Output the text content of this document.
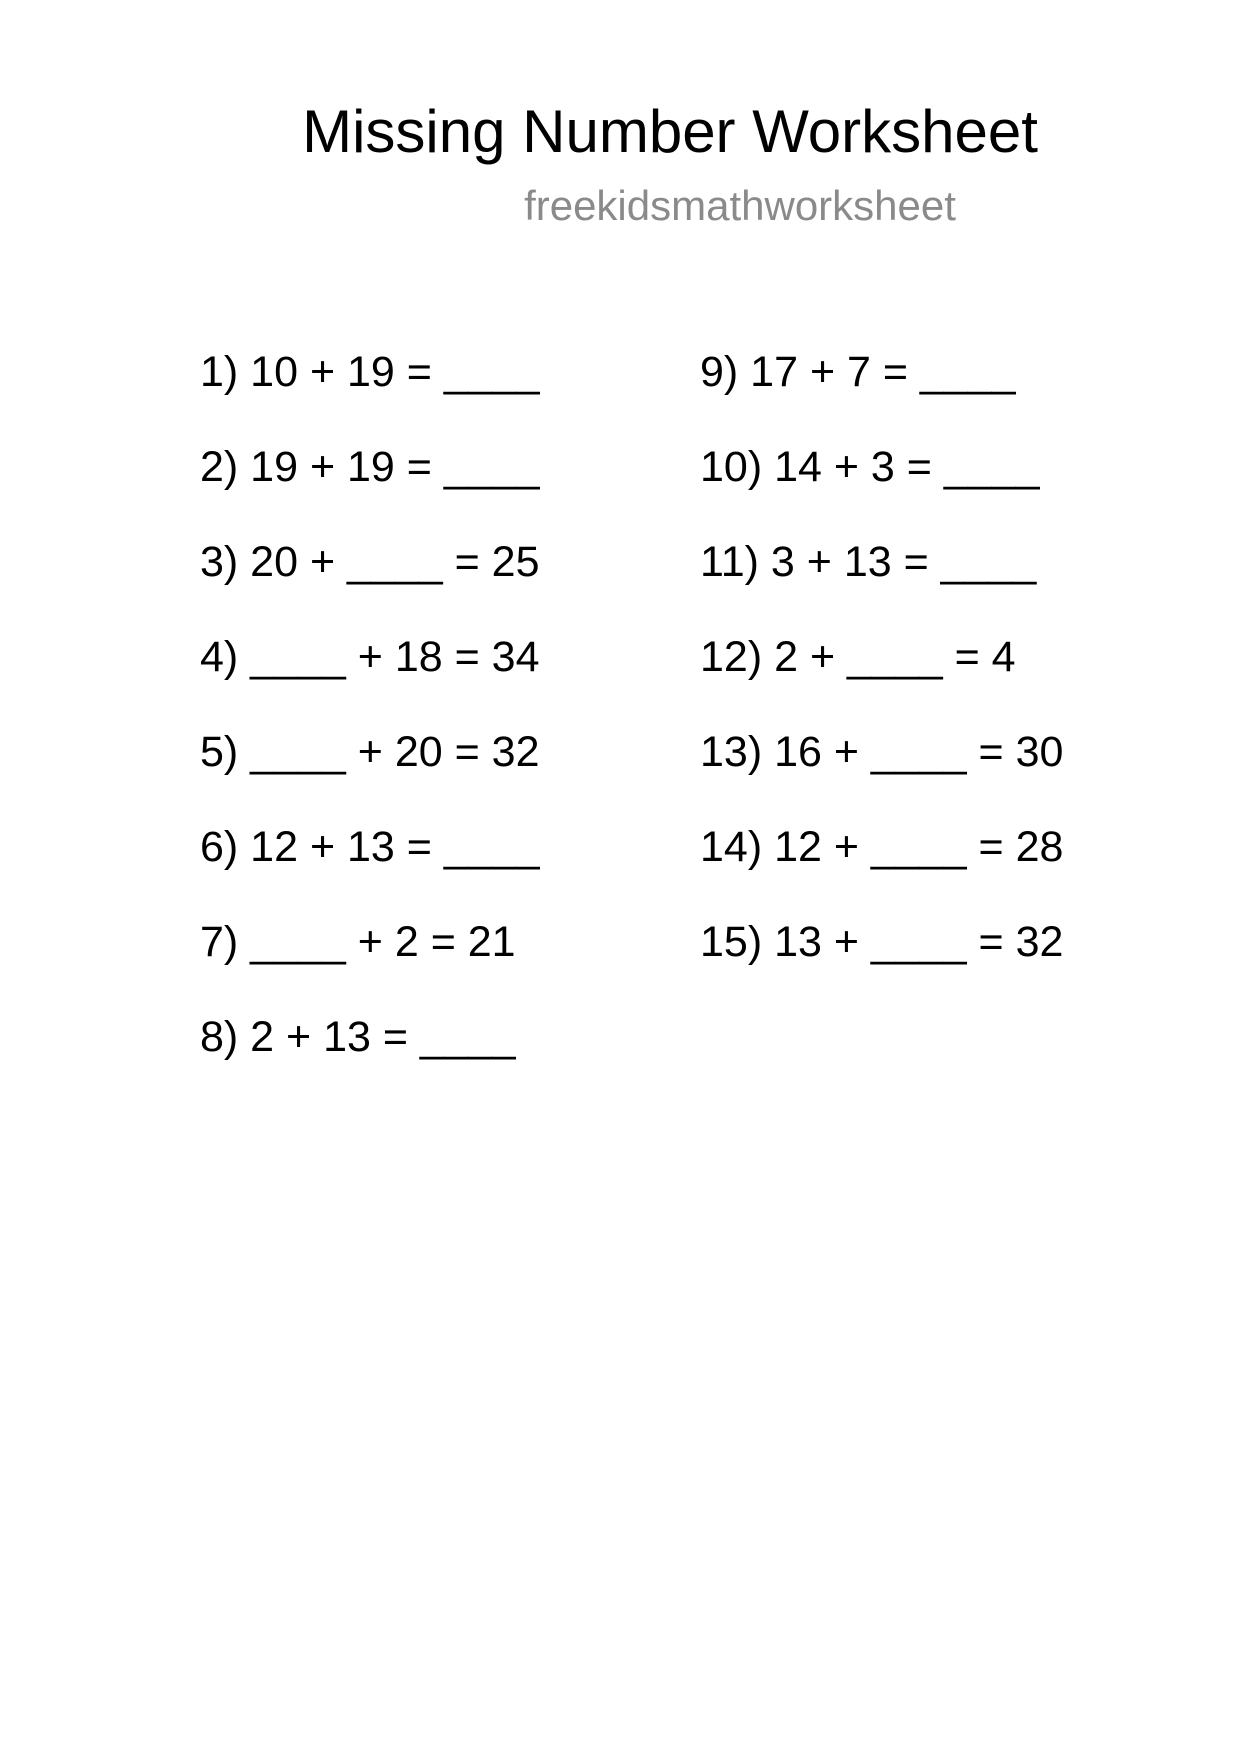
Missing Number Worksheet
freekidsmathworksheet
1) 10 + 19 = ____
2) 19 + 19 = ____
3) 20 + ____ = 25
4) ____ + 18 = 34
5) ____ + 20 = 32
6) 12 + 13 = ____
7) ____ + 2 = 21
8) 2 + 13 = ____
9) 17 + 7 = ____
10) 14 + 3 = ____
11) 3 + 13 = ____
12) 2 + ____ = 4
13) 16 + ____ = 30
14) 12 + ____ = 28
15) 13 + ____ = 32
